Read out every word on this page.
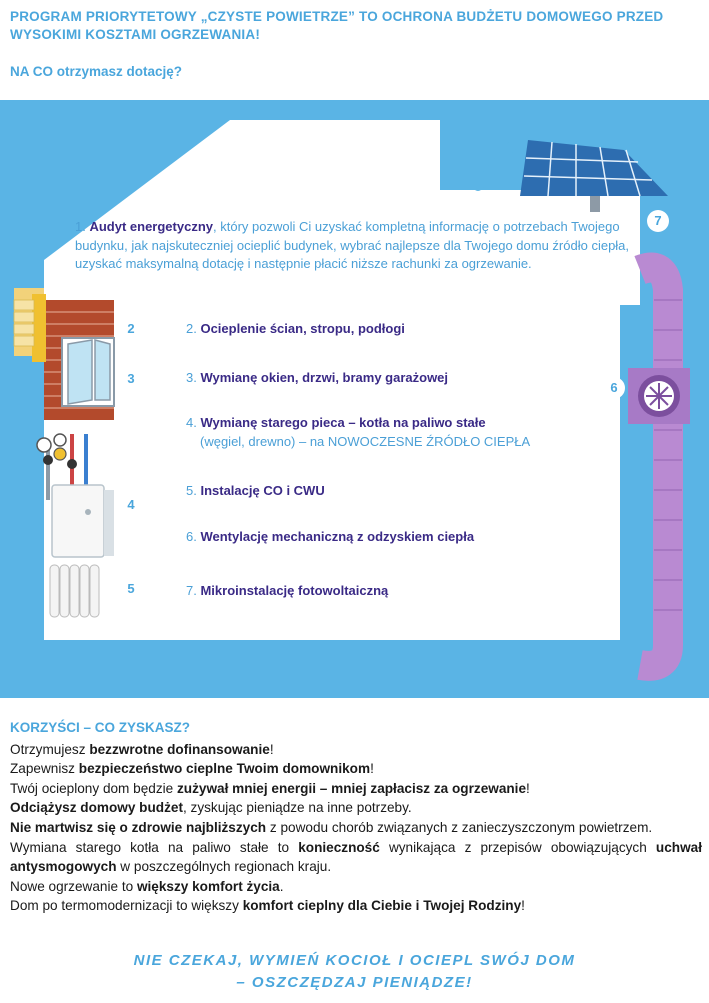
PROGRAM PRIORYTETOWY „CZYSTE POWIETRZE” TO OCHRONA BUDŻETU DOMOWEGO PRZED WYSOKIMI KOSZTAMI OGRZEWANIA!
NA CO otrzymasz dotację?
1. Audyt energetyczny, który pozwoli Ci uzyskać kompletną informację o potrzebach Twojego budynku, jak najskuteczniej ocieplić budynek, wybrać najlepsze dla Twojego domu źródło ciepła, uzyskać maksymalną dotację i następnie płacić niższe rachunki za ogrzewanie.
2. Ocieplenie ścian, stropu, podłogi
3. Wymianę okien, drzwi, bramy garażowej
4. Wymianę starego pieca – kotła na paliwo stałe
(węgiel, drewno) – na NOWOCZESNE ŹRÓDŁO CIEPŁA
5. Instalację CO i CWU
6. Wentylację mechaniczną z odzyskiem ciepła
7. Mikroinstalację fotowoltaiczną
2
3
4
5
6
7
KORZYŚCI – CO ZYSKASZ?

Otrzymujesz bezzwrotne dofinansowanie!

Zapewnisz bezpieczeństwo cieplne Twoim domownikom!

Twój ocieplony dom będzie zużywał mniej energii – mniej zapłacisz za ogrzewanie!

Odciążysz domowy budżet, zyskując pieniądze na inne potrzeby.

Nie martwisz się o zdrowie najbliższych z powodu chorób związanych z zanieczyszczonym powietrzem.

Wymiana starego kotła na paliwo stałe to konieczność wynikająca z przepisów obowiązujących uchwał antysmogowych w poszczególnych regionach kraju.

Nowe ogrzewanie to większy komfort życia.

Dom po termomodernizacji to większy komfort cieplny dla Ciebie i Twojej Rodziny!

NIE CZEKAJ, WYMIEŃ KOCIOŁ I OCIEPL SWÓJ DOM
– OSZCZĘDZAJ PIENIĄDZE!
